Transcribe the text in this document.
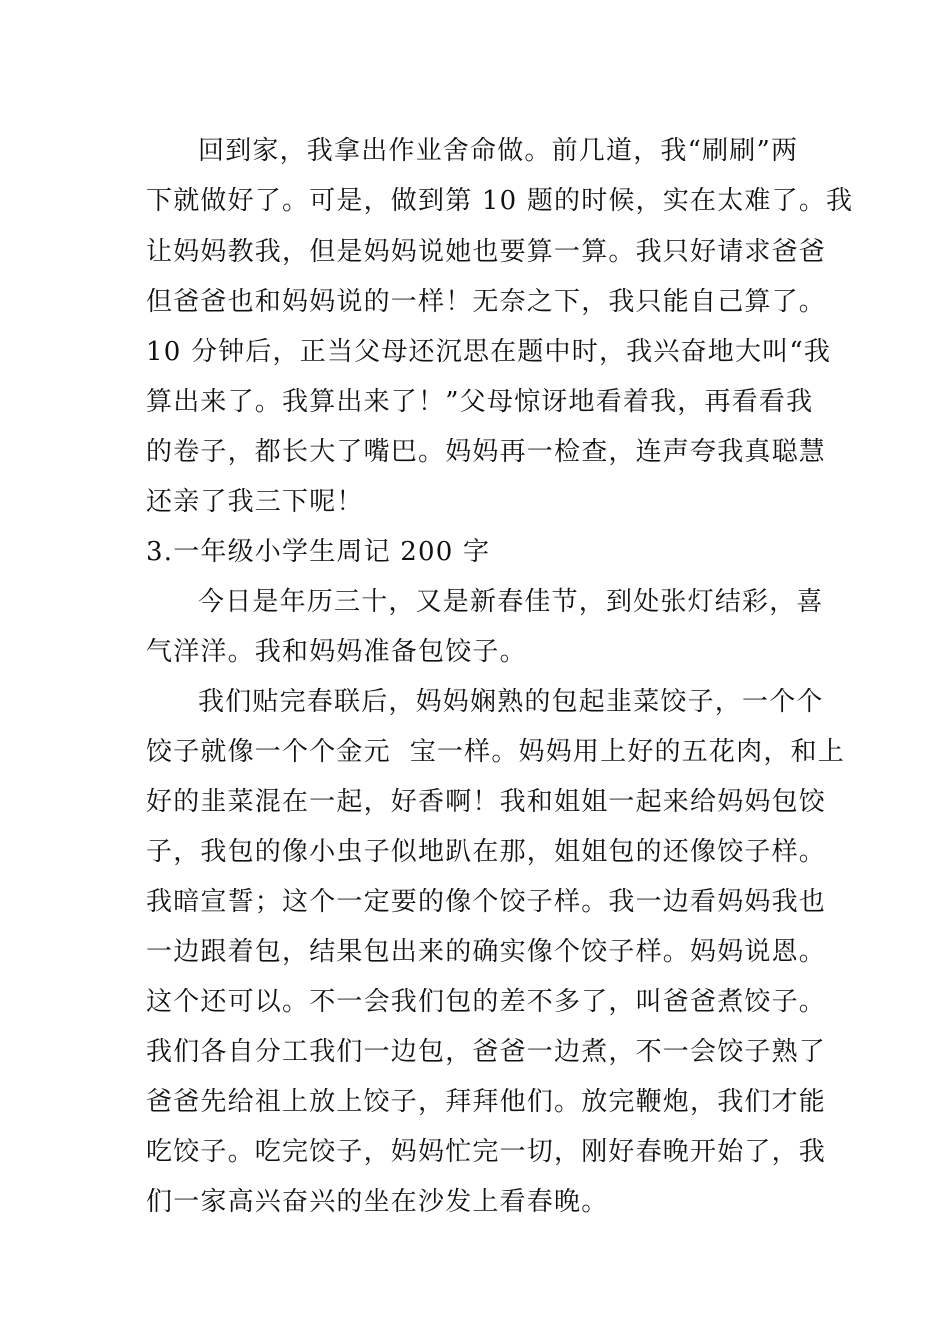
回到家，我拿出作业舍命做。前几道，我“刷刷”两
下就做好了。可是，做到第 10 题的时候，实在太难了。我
让妈妈教我，但是妈妈说她也要算一算。我只好请求爸爸
但爸爸也和妈妈说的一样！无奈之下，我只能自己算了。
10 分钟后，正当父母还沉思在题中时，我兴奋地大叫“我
算出来了。我算出来了！”父母惊讶地看着我，再看看我
的卷子，都长大了嘴巴。妈妈再一检查，连声夸我真聪慧
还亲了我三下呢！
3.一年级小学生周记 200 字
今日是年历三十，又是新春佳节，到处张灯结彩，喜
气洋洋。我和妈妈准备包饺子。
我们贴完春联后，妈妈娴熟的包起韭菜饺子，一个个
饺子就像一个个金元  宝一样。妈妈用上好的五花肉，和上
好的韭菜混在一起，好香啊！我和姐姐一起来给妈妈包饺
子，我包的像小虫子似地趴在那，姐姐包的还像饺子样。
我暗宣誓；这个一定要的像个饺子样。我一边看妈妈我也
一边跟着包，结果包出来的确实像个饺子样。妈妈说恩。
这个还可以。不一会我们包的差不多了，叫爸爸煮饺子。
我们各自分工我们一边包，爸爸一边煮，不一会饺子熟了
爸爸先给祖上放上饺子，拜拜他们。放完鞭炮，我们才能
吃饺子。吃完饺子，妈妈忙完一切，刚好春晚开始了，我
们一家高兴奋兴的坐在沙发上看春晚。
